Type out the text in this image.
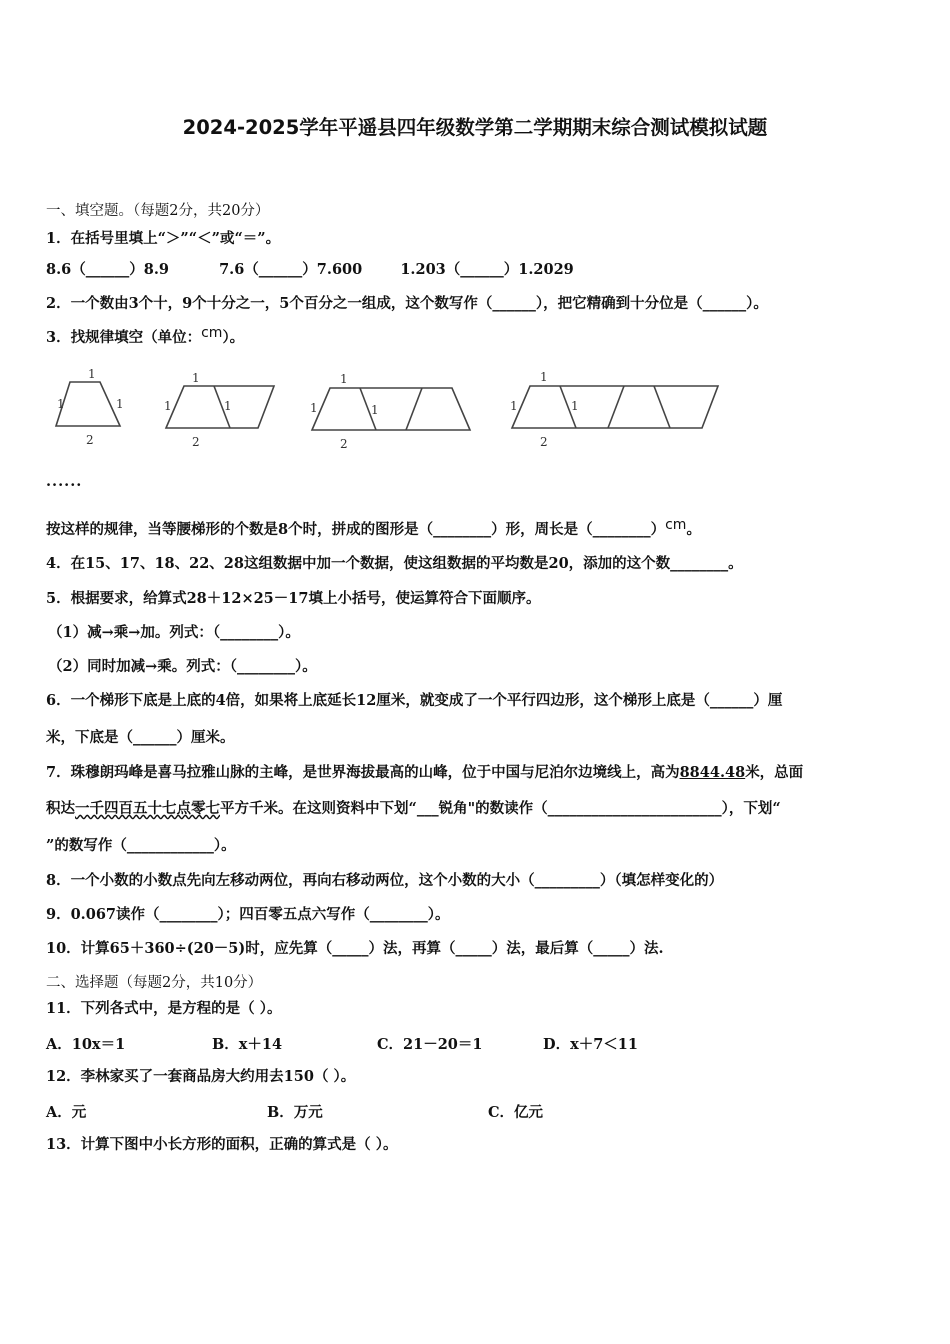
2024-2025学年平遥县四年级数学第二学期期末综合测试模拟试题
一、填空题。（每题2分，共20分）
1．在括号里填上“＞”“＜”或“＝”。
8.6（______）8.9	7.6（______）7.600	1.203（______）1.2029
2．一个数由3个十，9个十分之一，5个百分之一组成，这个数写作（______），把它精确到十分位是（______）。
3．找规律填空（单位：cm）。
1
1	1
2
1
1	1
2
1
1	1
2
1
1	1
2
......
按这样的规律，当等腰梯形的个数是8个时，拼成的图形是（________）形，周长是（________）cm。
4．在15、17、18、22、28这组数据中加一个数据，使这组数据的平均数是20，添加的这个数________。
5．根据要求，给算式28＋12×25－17填上小括号，使运算符合下面顺序。
（1）减→乘→加。列式：（________）。
（2）同时加减→乘。列式：（________）。
6．一个梯形下底是上底的4倍，如果将上底延长12厘米，就变成了一个平行四边形，这个梯形上底是（______）厘
米，下底是（______）厘米。
7．珠穆朗玛峰是喜马拉雅山脉的主峰，是世界海拔最高的山峰，位于中国与尼泊尔边境线上，高为8844.48米，总面
积达一千四百五十七点零七平方千米。在这则资料中下划“___锐角"的数读作（________________________），下划“
”的数写作（____________）。
8．一个小数的小数点先向左移动两位，再向右移动两位，这个小数的大小（_________）（填怎样变化的）
9．0.067读作（________）；四百零五点六写作（________）。
10．计算65＋360÷(20－5)时，应先算（_____）法，再算（_____）法，最后算（_____）法.
二、选择题（每题2分，共10分）
11．下列各式中，是方程的是（ ）。
A．10x＝1	B．x＋14	C．21－20＝1	D．x＋7＜11
12．李林家买了一套商品房大约用去150（ ）。
A．元	B．万元	C．亿元
13．计算下图中小长方形的面积，正确的算式是（ ）。
